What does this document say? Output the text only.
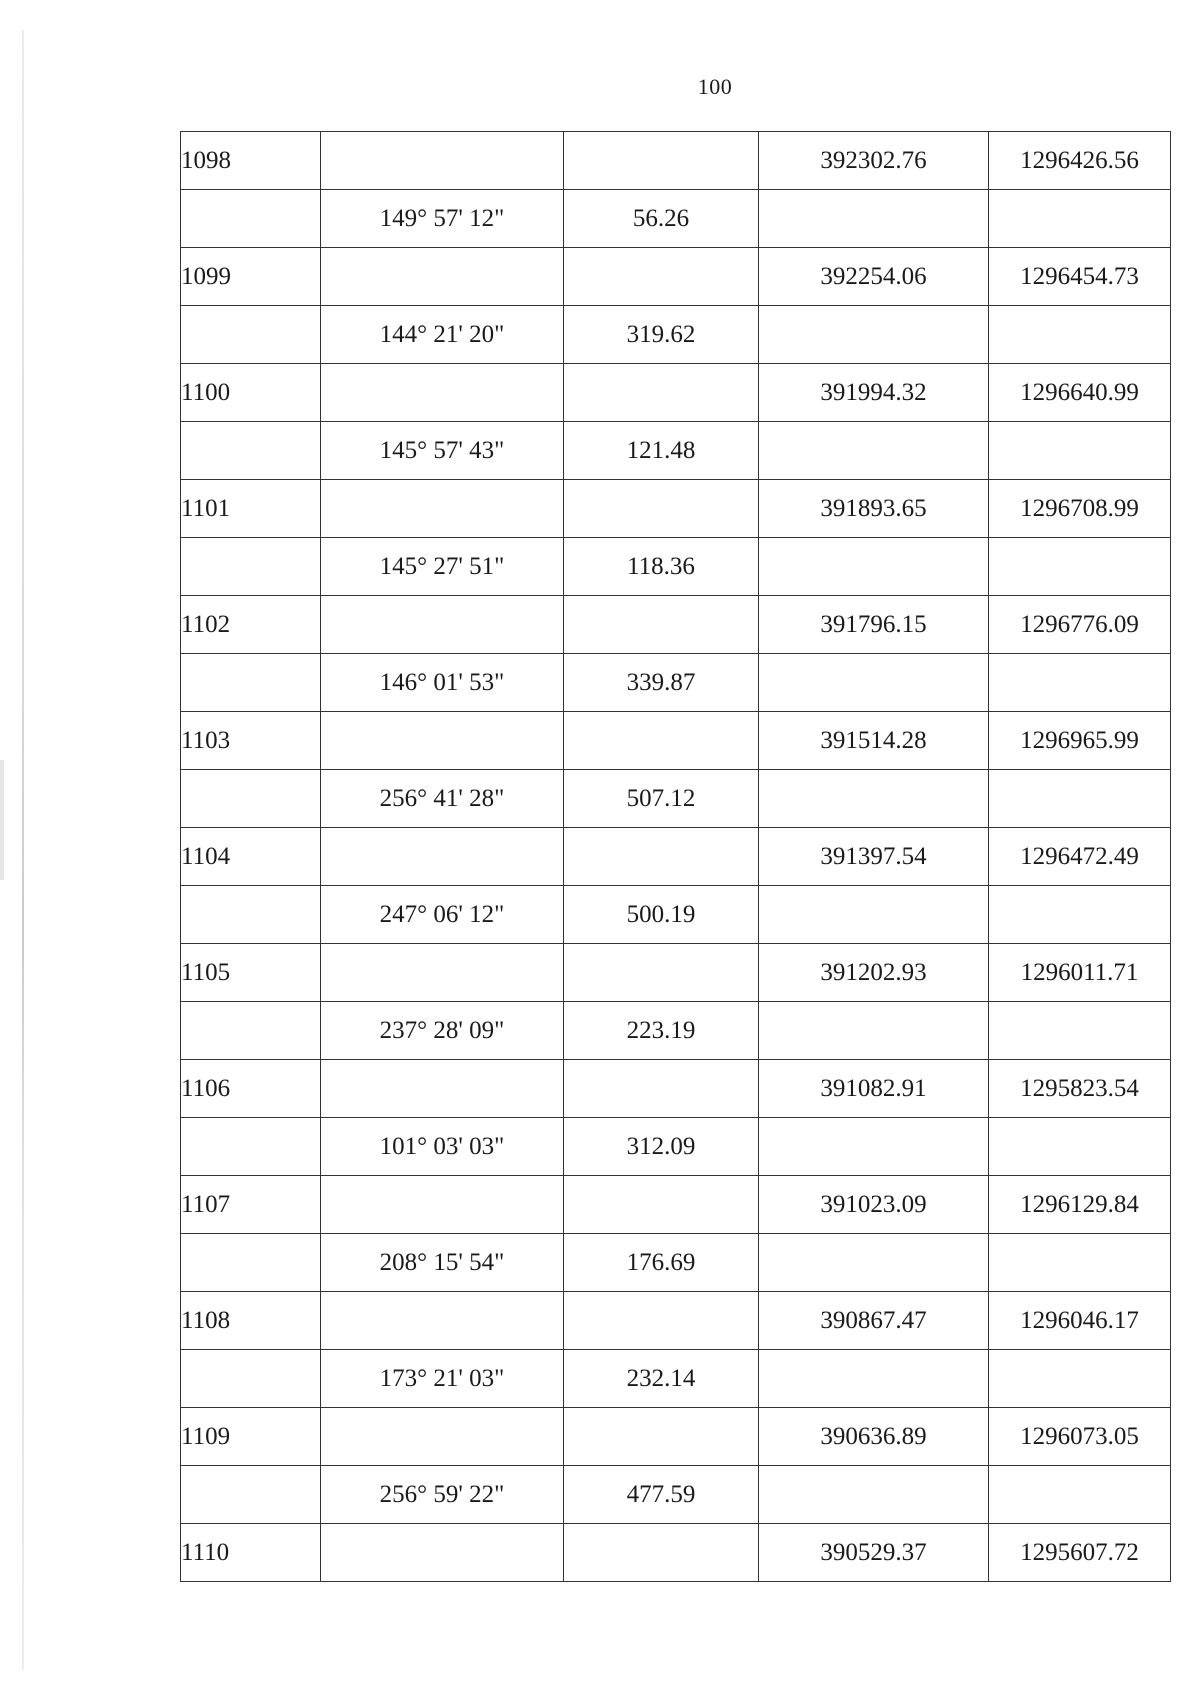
100
1098			392302.76	1296426.56
	149° 57' 12"	56.26		
1099			392254.06	1296454.73
	144° 21' 20"	319.62		
1100			391994.32	1296640.99
	145° 57' 43"	121.48		
1101			391893.65	1296708.99
	145° 27' 51"	118.36		
1102			391796.15	1296776.09
	146° 01' 53"	339.87		
1103			391514.28	1296965.99
	256° 41' 28"	507.12		
1104			391397.54	1296472.49
	247° 06' 12"	500.19		
1105			391202.93	1296011.71
	237° 28' 09"	223.19		
1106			391082.91	1295823.54
	101° 03' 03"	312.09		
1107			391023.09	1296129.84
	208° 15' 54"	176.69		
1108			390867.47	1296046.17
	173° 21' 03"	232.14		
1109			390636.89	1296073.05
	256° 59' 22"	477.59		
1110			390529.37	1295607.72
